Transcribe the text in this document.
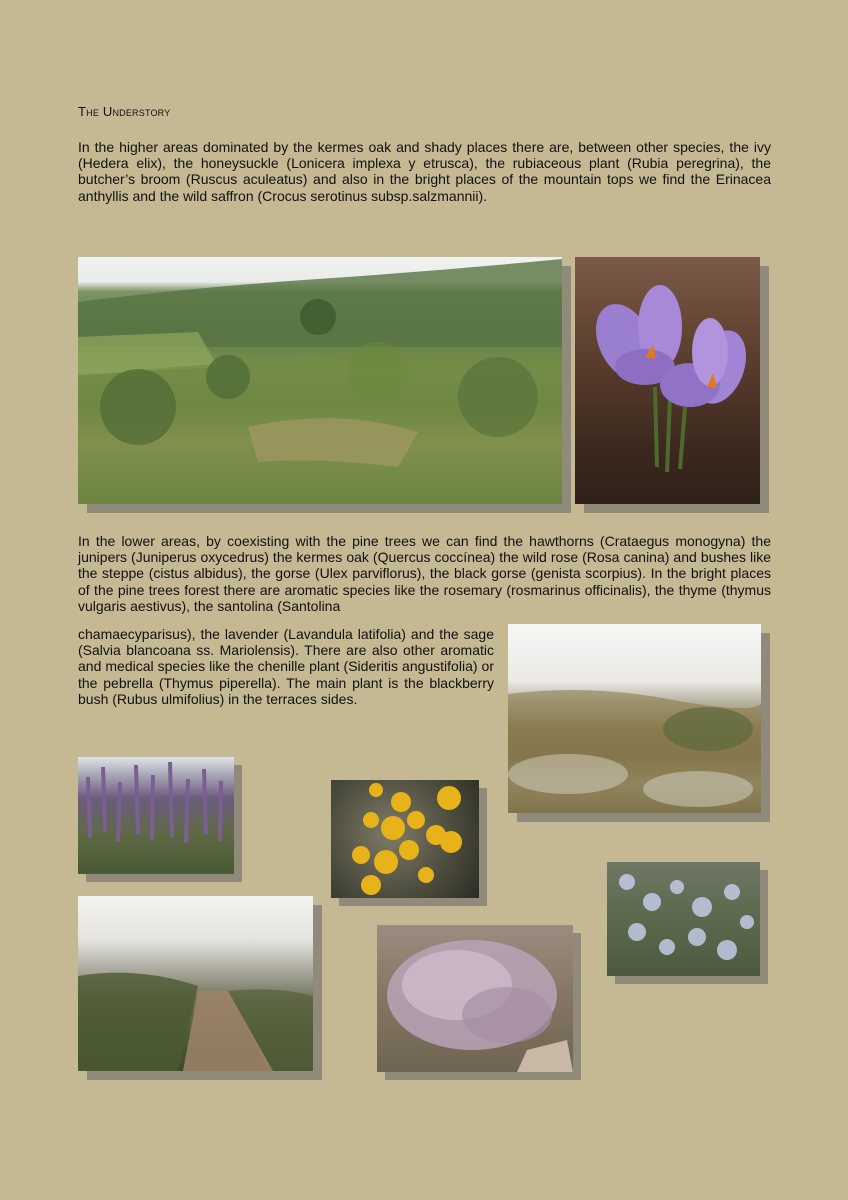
The Understory

In the higher areas dominated by the kermes oak and shady places there are, between other species, the ivy (Hedera elix), the honeysuckle (Lonicera implexa y etrusca), the rubiaceous plant (Rubia peregrina), the butcher’s broom (Ruscus aculeatus) and also in the bright places of the mountain tops we find the Erinacea anthyllis and the wild saffron (Crocus serotinus subsp.salzmannii).

In the lower areas, by coexisting with the pine trees we can find the hawthorns (Crataegus monogyna) the junipers (Juniperus oxycedrus) the kermes oak (Quercus coccínea) the wild rose (Rosa canina) and bushes like the steppe (cistus albidus), the gorse (Ulex parviflorus), the black gorse (genista scorpius). In the bright places of the pine trees forest there are aromatic species like the rosemary (rosmarinus officinalis), the thyme (thymus vulgaris aestivus), the santolina (Santolina

chamaecyparisus), the lavender (Lavandula latifolia) and the sage (Salvia blancoana ss. Mariolensis). There are also other aromatic and medical species like the chenille plant (Sideritis angustifolia) or the pebrella (Thymus piperella). The main plant is the blackberry bush (Rubus ulmifolius) in the terraces sides.
